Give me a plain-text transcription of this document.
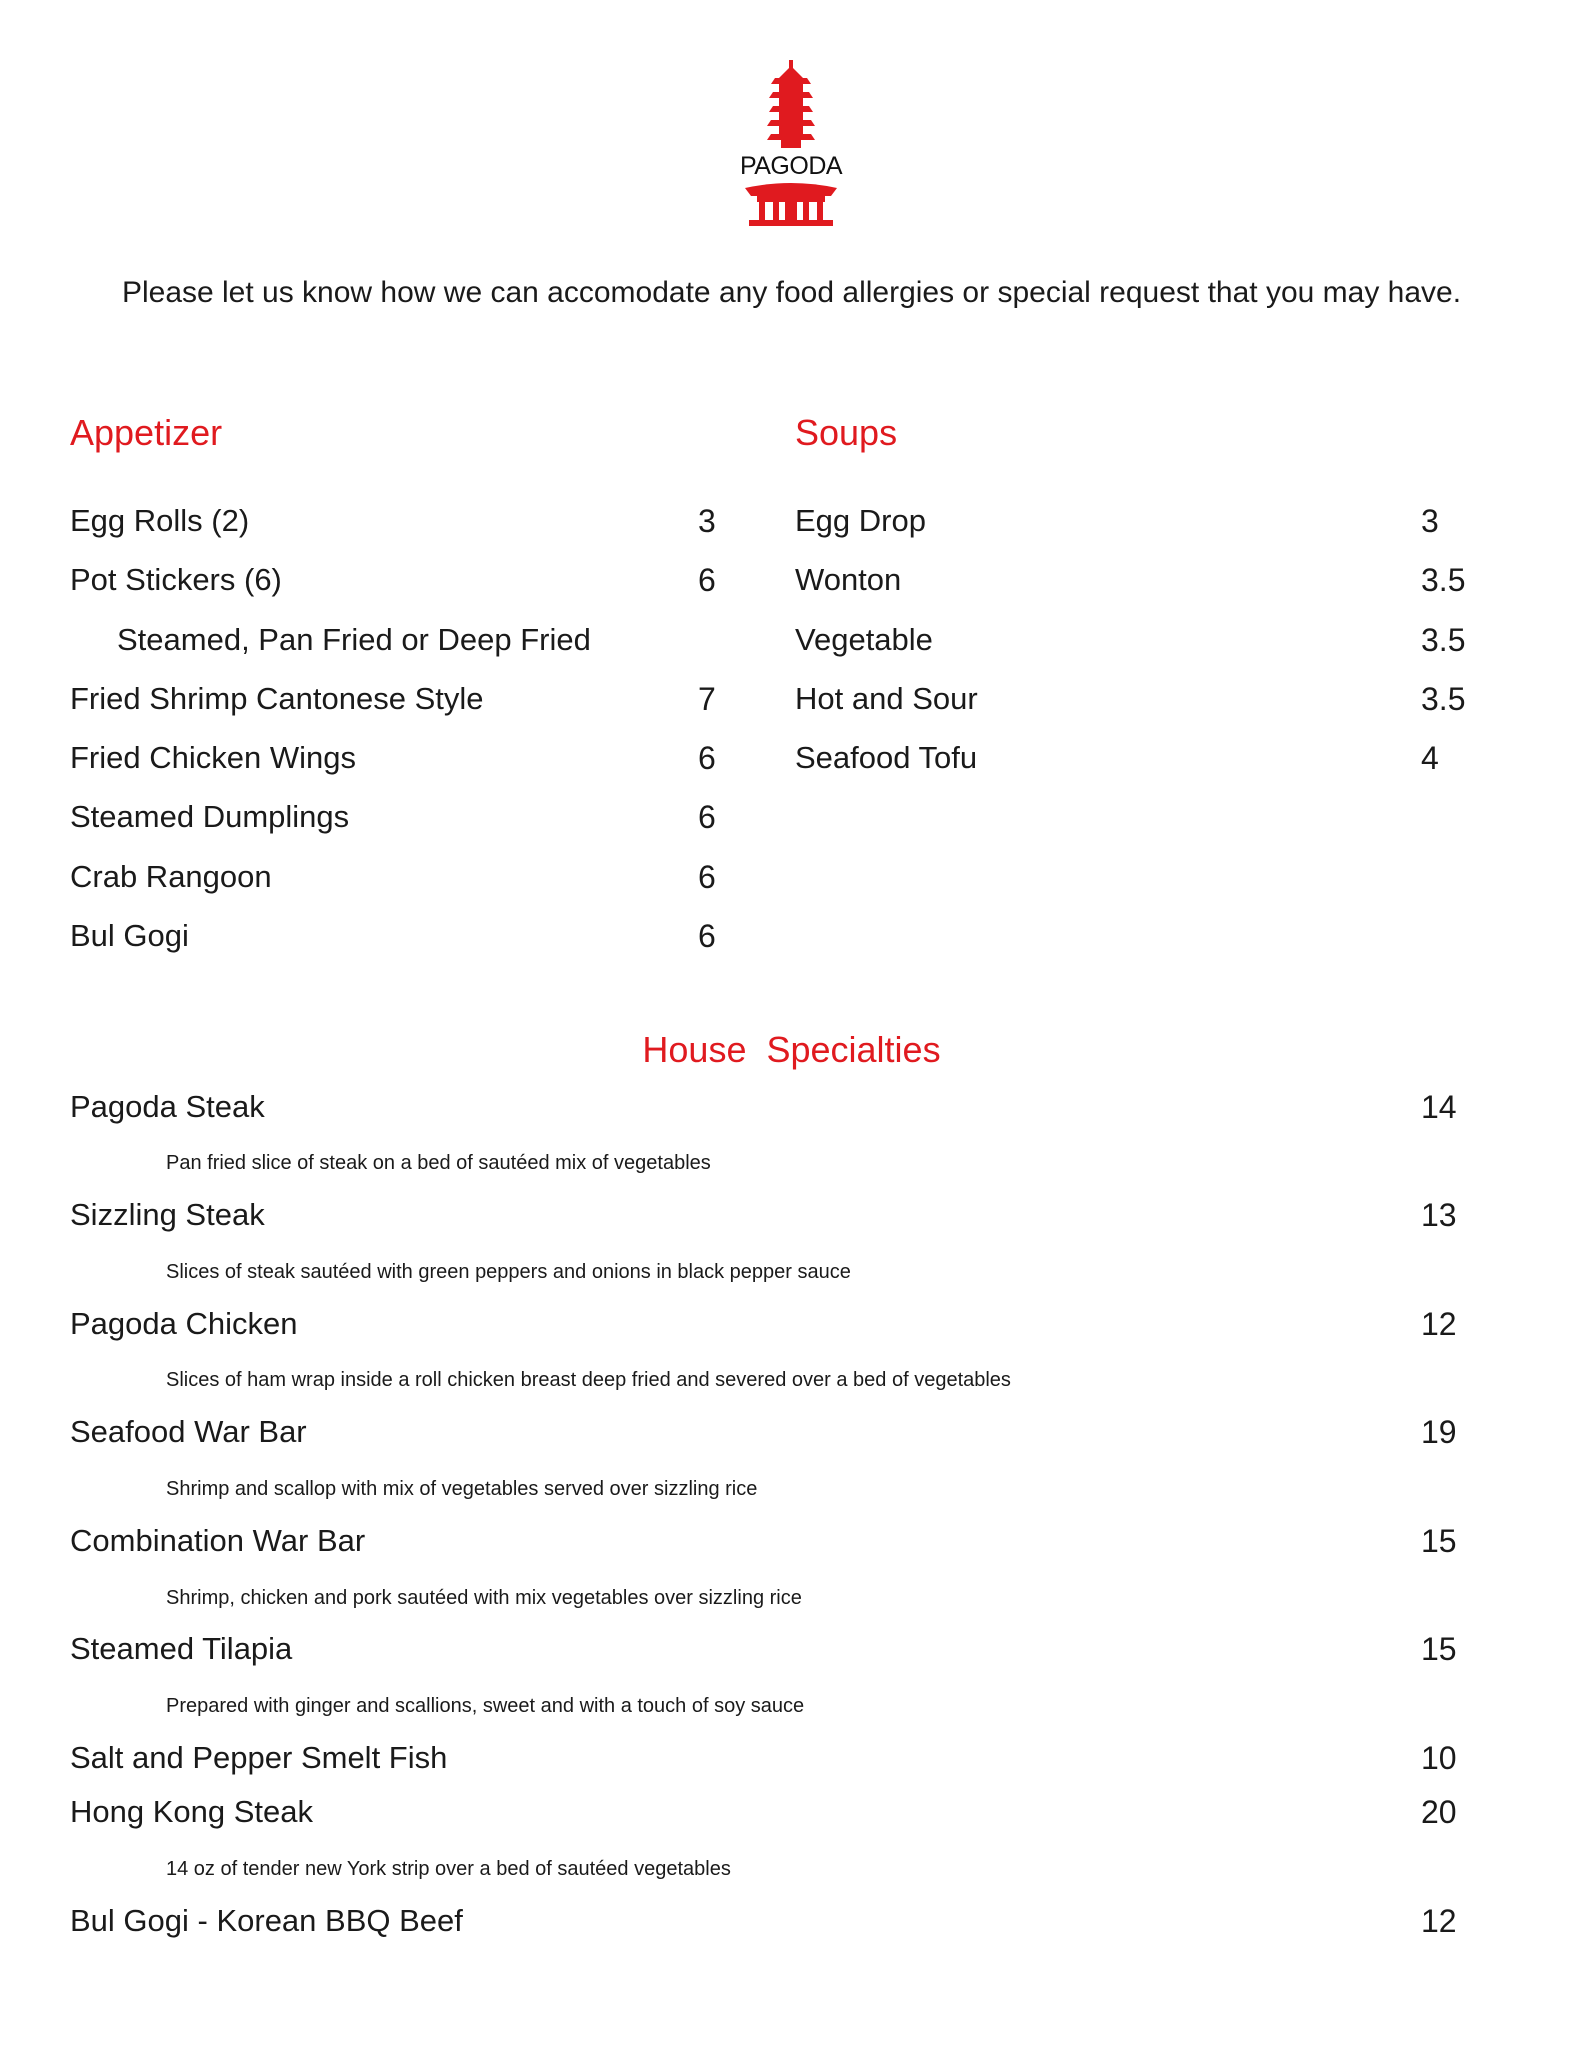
PAGODA
Please let us know how we can accomodate any food allergies or special request that you may have.
Appetizer
Egg Rolls (2)	3
Pot Stickers (6)	6
Steamed, Pan Fried or Deep Fried
Fried Shrimp Cantonese Style	7
Fried Chicken Wings	6
Steamed Dumplings	6
Crab Rangoon	6
Bul Gogi	6
Soups
Egg Drop	3
Wonton	3.5
Vegetable	3.5
Hot and Sour	3.5
Seafood Tofu	4
House  Specialties
Pagoda Steak	14
Pan fried slice of steak on a bed of sautéed mix of vegetables
Sizzling Steak	13
Slices of steak sautéed with green peppers and onions in black pepper sauce
Pagoda Chicken	12
Slices of ham wrap inside a roll chicken breast deep fried and severed over a bed of vegetables
Seafood War Bar	19
Shrimp and scallop with mix of vegetables served over sizzling rice
Combination War Bar	15
Shrimp, chicken and pork sautéed with mix vegetables over sizzling rice
Steamed Tilapia	15
Prepared with ginger and scallions, sweet and with a touch of soy sauce
Salt and Pepper Smelt Fish	10
Hong Kong Steak	20
14 oz of tender new York strip over a bed of sautéed vegetables
Bul Gogi - Korean BBQ Beef	12
